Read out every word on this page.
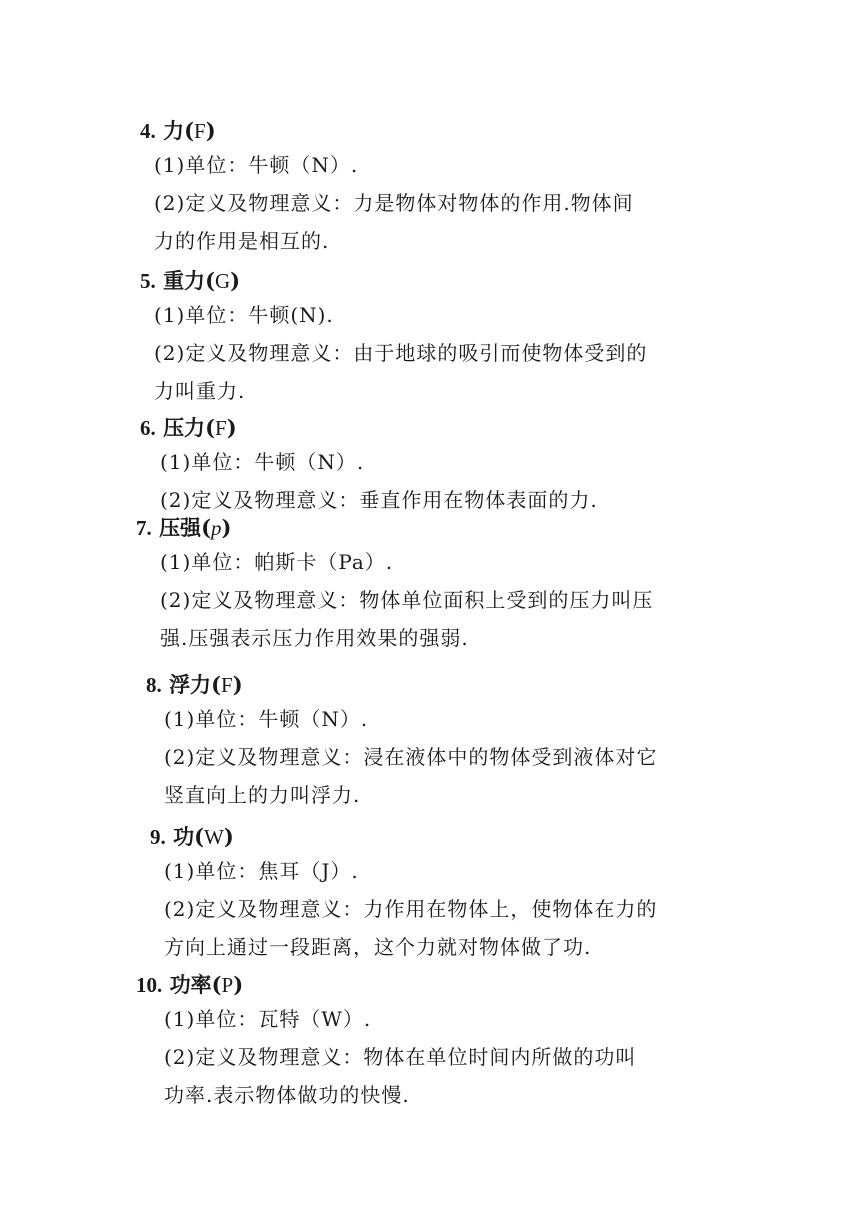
4. 力(F)
(1)单位：牛顿（N）.
(2)定义及物理意义：力是物体对物体的作用.物体间
力的作用是相互的.
5. 重力(G)
(1)单位：牛顿(N).
(2)定义及物理意义：由于地球的吸引而使物体受到的
力叫重力.
6. 压力(F)
(1)单位：牛顿（N）.
(2)定义及物理意义：垂直作用在物体表面的力.
7. 压强(p)
(1)单位：帕斯卡（Pa）.
(2)定义及物理意义：物体单位面积上受到的压力叫压
强.压强表示压力作用效果的强弱.
8. 浮力(F)
(1)单位：牛顿（N）.
(2)定义及物理意义：浸在液体中的物体受到液体对它
竖直向上的力叫浮力.
9. 功(W)
(1)单位：焦耳（J）.
(2)定义及物理意义：力作用在物体上，使物体在力的
方向上通过一段距离，这个力就对物体做了功.
10. 功率(P)
(1)单位：瓦特（W）.
(2)定义及物理意义：物体在单位时间内所做的功叫
功率.表示物体做功的快慢.
